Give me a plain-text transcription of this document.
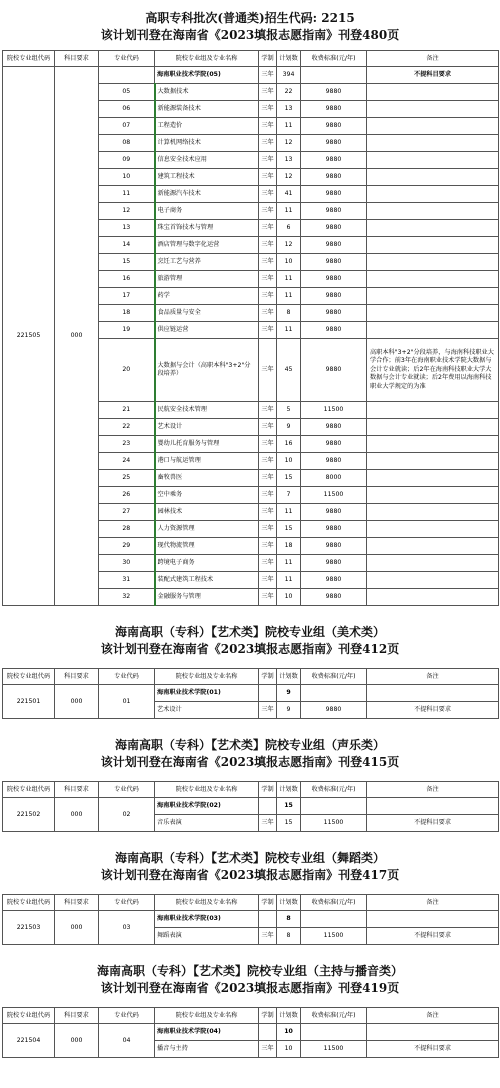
高职专科批次(普通类)招生代码: 2215
该计划刊登在海南省《2023填报志愿指南》刊登480页
院校专业组代码	科目要求	专业代码	院校专业组及专业名称	学制	计划数	收费标准(元/年)	备注
221505	000		海南职业技术学院(05)	三年	394		不提科目要求
		05	大数据技术	三年	22	9880	
		06	新能源装备技术	三年	13	9880	
		07	工程造价	三年	11	9880	
		08	计算机网络技术	三年	12	9880	
		09	信息安全技术应用	三年	13	9880	
		10	建筑工程技术	三年	12	9880	
		11	新能源汽车技术	三年	41	9880	
		12	电子商务	三年	11	9880	
		13	珠宝首饰技术与管理	三年	6	9880	
		14	酒店管理与数字化运营	三年	12	9880	
		15	烹饪工艺与营养	三年	10	9880	
		16	旅游管理	三年	11	9880	
		17	药学	三年	11	9880	
		18	食品质量与安全	三年	8	9880	
		19	供应链运营	三年	11	9880	
		20	大数据与会计（高职本科"3+2"分段培养）	三年	45	9880	高职本科"3+2"分段培养，与海南科技职业大学合作；前3年在海南职业技术学院大数据与会计专业就读；后2年在海南科技职业大学大数据与会计专业就读；后2年费用以海南科技职业大学规定的为准
		21	民航安全技术管理	三年	5	11500	
		22	艺术设计	三年	9	9880	
		23	婴幼儿托育服务与管理	三年	16	9880	
		24	港口与航运管理	三年	10	9880	
		25	畜牧兽医	三年	15	8000	
		26	空中乘务	三年	7	11500	
		27	园林技术	三年	11	9880	
		28	人力资源管理	三年	15	9880	
		29	现代物流管理	三年	18	9880	
		30	跨境电子商务	三年	11	9880	
		31	装配式建筑工程技术	三年	11	9880	
		32	金融服务与管理	三年	10	9880	
海南高职（专科）【艺术类】院校专业组（美术类）
该计划刊登在海南省《2023填报志愿指南》刊登412页
院校专业组代码	科目要求	专业代码	院校专业组及专业名称	学制	计划数	收费标准(元/年)	备注
221501	000	01	海南职业技术学院(01)		9		
			艺术设计	三年	9	9880	不提科目要求
海南高职（专科）【艺术类】院校专业组（声乐类）
该计划刊登在海南省《2023填报志愿指南》刊登415页
院校专业组代码	科目要求	专业代码	院校专业组及专业名称	学制	计划数	收费标准(元/年)	备注
221502	000	02	海南职业技术学院(02)		15		
			音乐表演	三年	15	11500	不提科目要求
海南高职（专科）【艺术类】院校专业组（舞蹈类）
该计划刊登在海南省《2023填报志愿指南》刊登417页
院校专业组代码	科目要求	专业代码	院校专业组及专业名称	学制	计划数	收费标准(元/年)	备注
221503	000	03	海南职业技术学院(03)		8		
			舞蹈表演	三年	8	11500	不提科目要求
海南高职（专科）【艺术类】院校专业组（主持与播音类）
该计划刊登在海南省《2023填报志愿指南》刊登419页
院校专业组代码	科目要求	专业代码	院校专业组及专业名称	学制	计划数	收费标准(元/年)	备注
221504	000	04	海南职业技术学院(04)		10		
			播音与主持	三年	10	11500	不提科目要求
